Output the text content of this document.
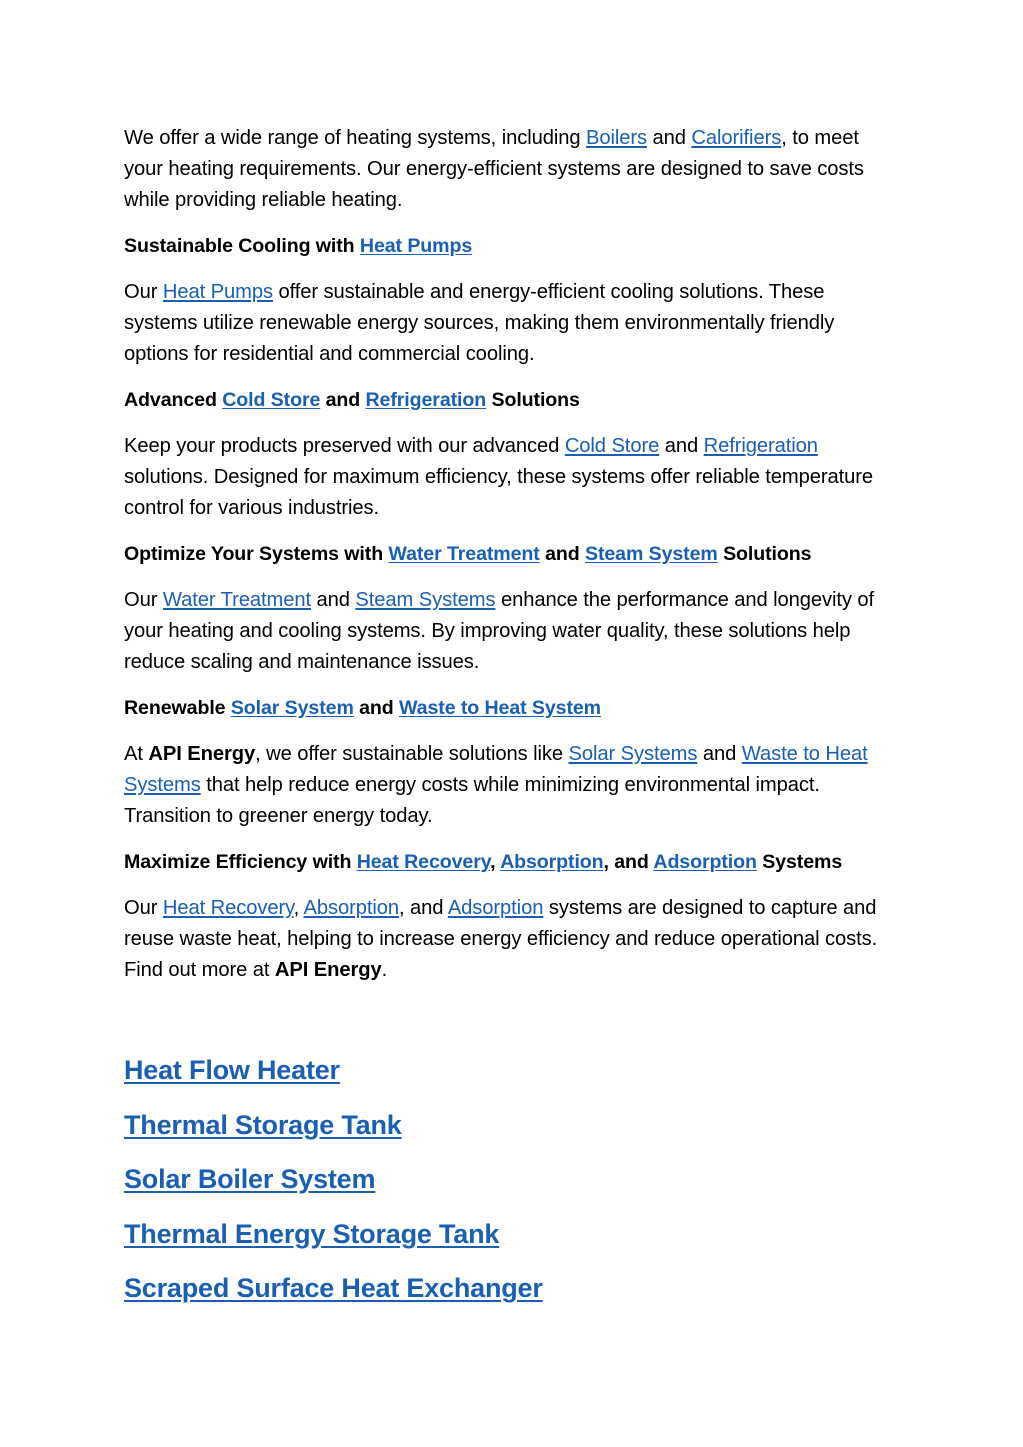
We offer a wide range of heating systems, including Boilers and Calorifiers, to meet your heating requirements. Our energy-efficient systems are designed to save costs while providing reliable heating.

Sustainable Cooling with Heat Pumps

Our Heat Pumps offer sustainable and energy-efficient cooling solutions. These systems utilize renewable energy sources, making them environmentally friendly options for residential and commercial cooling.

Advanced Cold Store and Refrigeration Solutions

Keep your products preserved with our advanced Cold Store and Refrigeration solutions. Designed for maximum efficiency, these systems offer reliable temperature control for various industries.

Optimize Your Systems with Water Treatment and Steam System Solutions

Our Water Treatment and Steam Systems enhance the performance and longevity of your heating and cooling systems. By improving water quality, these solutions help reduce scaling and maintenance issues.

Renewable Solar System and Waste to Heat System

At API Energy, we offer sustainable solutions like Solar Systems and Waste to Heat Systems that help reduce energy costs while minimizing environmental impact. Transition to greener energy today.

Maximize Efficiency with Heat Recovery, Absorption, and Adsorption Systems

Our Heat Recovery, Absorption, and Adsorption systems are designed to capture and reuse waste heat, helping to increase energy efficiency and reduce operational costs. Find out more at API Energy.

Heat Flow Heater
Thermal Storage Tank
Solar Boiler System
Thermal Energy Storage Tank
Scraped Surface Heat Exchanger
